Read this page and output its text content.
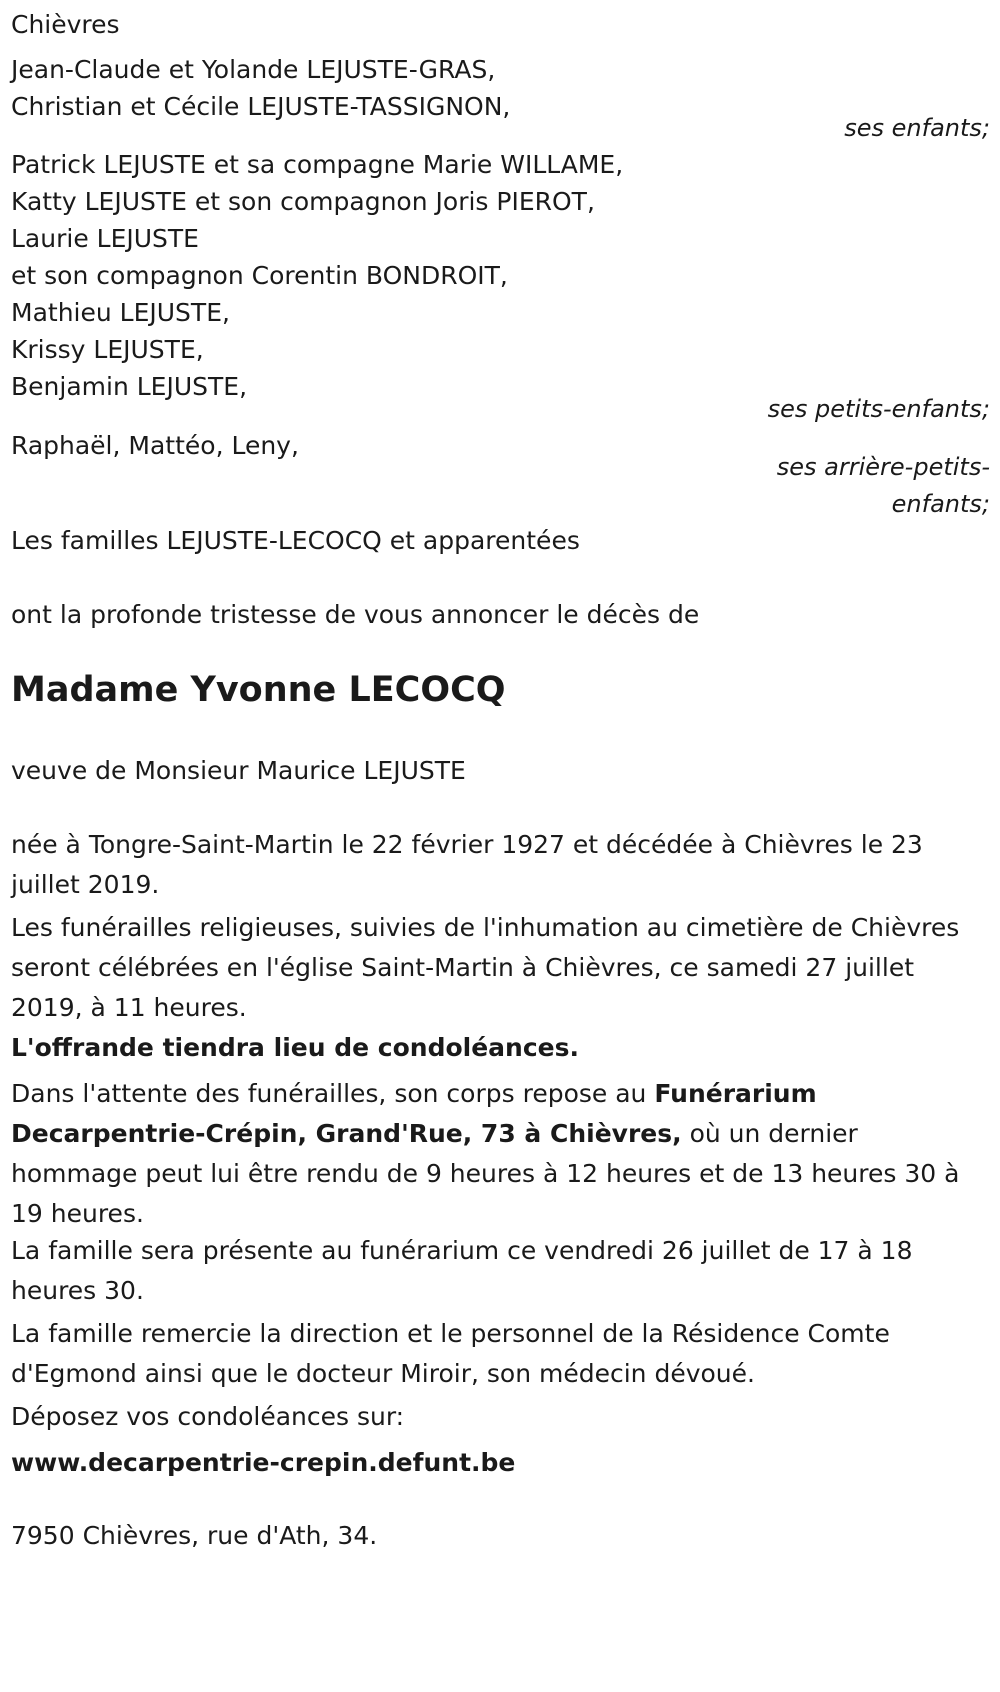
Chièvres
Jean-Claude et Yolande LEJUSTE-GRAS,
Christian et Cécile LEJUSTE-TASSIGNON,
ses enfants;
Patrick LEJUSTE et sa compagne Marie WILLAME,
Katty LEJUSTE et son compagnon Joris PIEROT,
Laurie LEJUSTE
et son compagnon Corentin BONDROIT,
Mathieu LEJUSTE,
Krissy LEJUSTE,
Benjamin LEJUSTE,
ses petits-enfants;
Raphaël, Mattéo, Leny,
ses arrière-petits-
enfants;
Les familles LEJUSTE-LECOCQ et apparentées
ont la profonde tristesse de vous annoncer le décès de
Madame Yvonne LECOCQ
veuve de Monsieur Maurice LEJUSTE
née à Tongre-Saint-Martin le 22 février 1927 et décédée à Chièvres le 23 juillet 2019.
Les funérailles religieuses, suivies de l'inhumation au cimetière de Chièvres seront célébrées en l'église Saint-Martin à Chièvres, ce samedi 27 juillet 2019, à 11 heures.
L'offrande tiendra lieu de condoléances.
Dans l'attente des funérailles, son corps repose au Funérarium Decarpentrie-Crépin, Grand'Rue, 73 à Chièvres, où un dernier hommage peut lui être rendu de 9 heures à 12 heures et de 13 heures 30 à 19 heures.
La famille sera présente au funérarium ce vendredi 26 juillet de 17 à 18 heures 30.
La famille remercie la direction et le personnel de la Résidence Comte d'Egmond ainsi que le docteur Miroir, son médecin dévoué.
Déposez vos condoléances sur:
www.decarpentrie-crepin.defunt.be
7950 Chièvres, rue d'Ath, 34.
